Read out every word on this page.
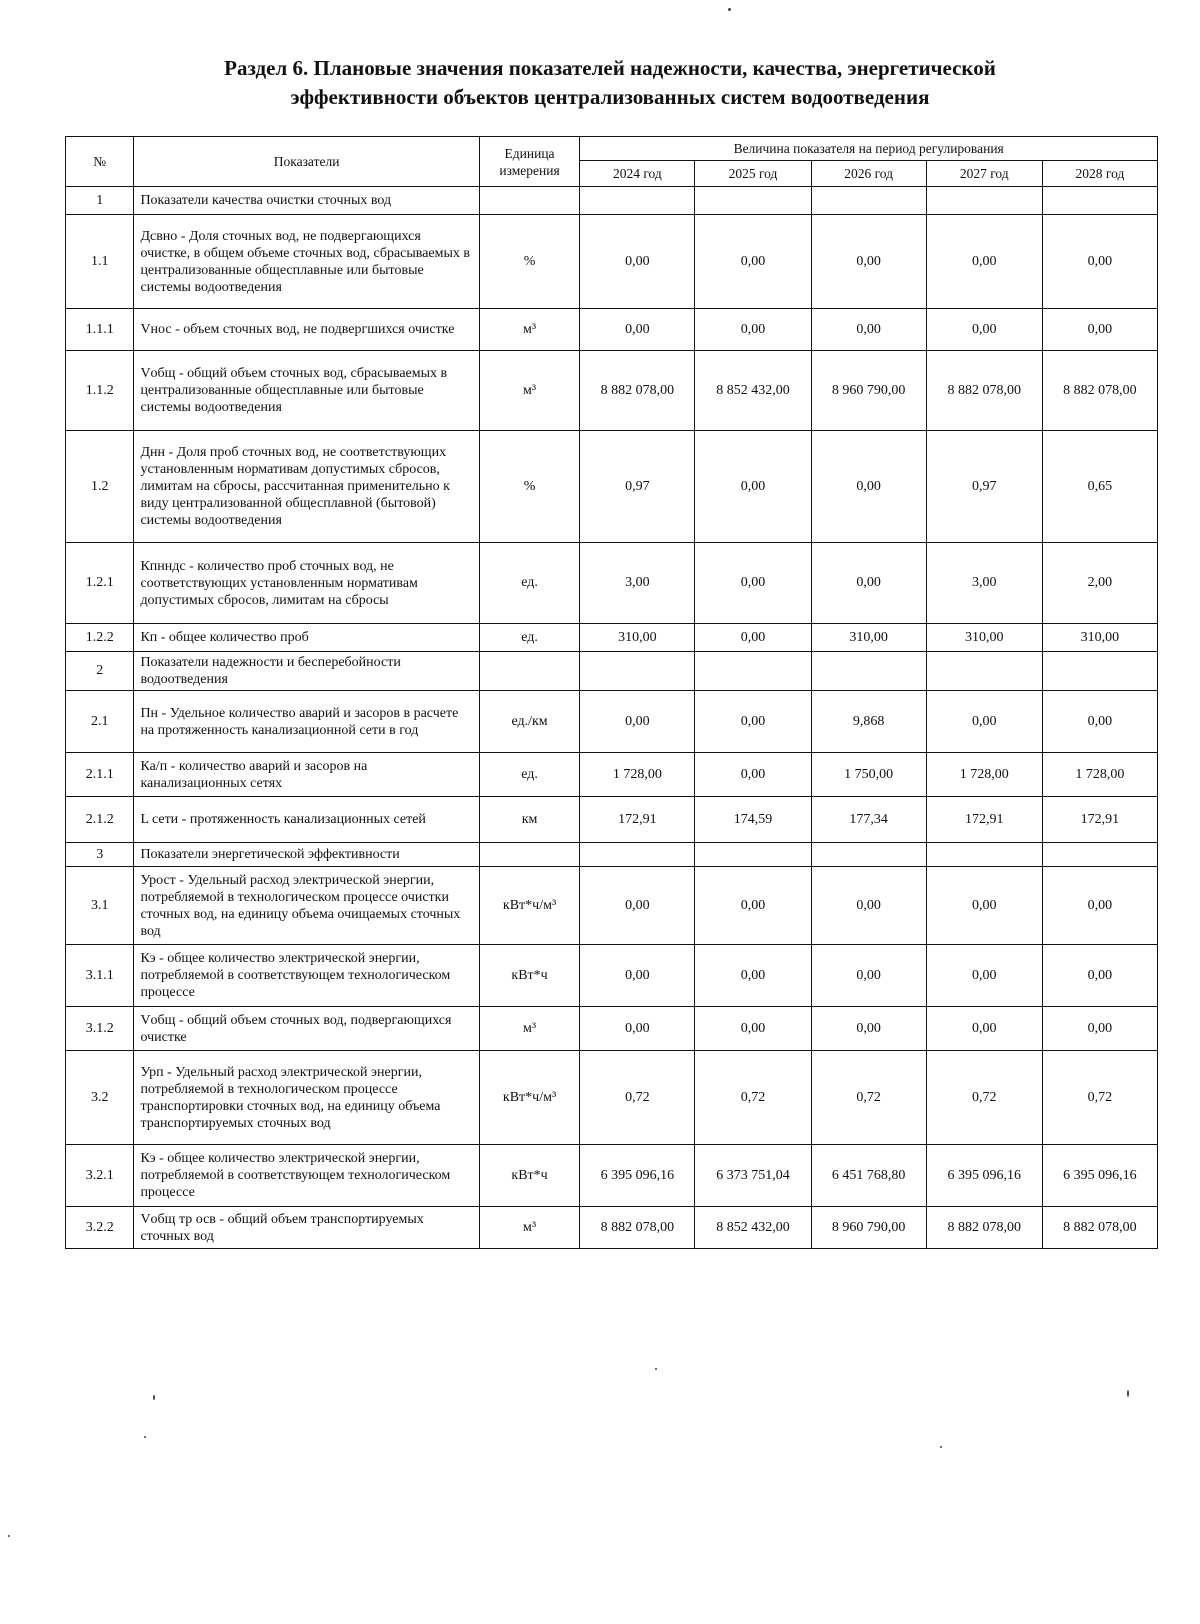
Раздел 6. Плановые значения показателей надежности, качества, энергетической
эффективности объектов централизованных систем водоотведения
№	Показатели	Единица измерения	Величина показателя на период регулирования				
			2024 год	2025 год	2026 год	2027 год	2028 год
1	Показатели качества очистки сточных вод						
1.1	Дсвно - Доля сточных вод, не подвергающихся очистке, в общем объеме сточных вод, сбрасываемых в централизованные общесплавные или бытовые системы водоотведения	%	0,00	0,00	0,00	0,00	0,00
1.1.1	Vнос - объем сточных вод, не подвергшихся очистке	м³	0,00	0,00	0,00	0,00	0,00
1.1.2	Vобщ - общий объем сточных вод, сбрасываемых в централизованные общесплавные или бытовые системы водоотведения	м³	8 882 078,00	8 852 432,00	8 960 790,00	8 882 078,00	8 882 078,00
1.2	Днн - Доля проб сточных вод, не соответствующих установленным нормативам допустимых сбросов, лимитам на сбросы, рассчитанная применительно к виду централизованной общесплавной (бытовой) системы водоотведения	%	0,97	0,00	0,00	0,97	0,65
1.2.1	Кпнндс - количество проб сточных вод, не соответствующих установленным нормативам допустимых сбросов, лимитам на сбросы	ед.	3,00	0,00	0,00	3,00	2,00
1.2.2	Кп - общее количество проб	ед.	310,00	0,00	310,00	310,00	310,00
2	Показатели надежности и бесперебойности водоотведения						
2.1	Пн - Удельное количество аварий и засоров в расчете на протяженность канализационной сети в год	ед./км	0,00	0,00	9,868	0,00	0,00
2.1.1	Ка/п - количество аварий и засоров на канализационных сетях	ед.	1 728,00	0,00	1 750,00	1 728,00	1 728,00
2.1.2	L сети - протяженность канализационных сетей	км	172,91	174,59	177,34	172,91	172,91
3	Показатели энергетической эффективности						
3.1	Урост - Удельный расход электрической энергии, потребляемой в технологическом процессе очистки сточных вод, на единицу объема очищаемых сточных вод	кВт*ч/м³	0,00	0,00	0,00	0,00	0,00
3.1.1	Кэ - общее количество электрической энергии, потребляемой в соответствующем технологическом процессе	кВт*ч	0,00	0,00	0,00	0,00	0,00
3.1.2	Vобщ - общий объем сточных вод, подвергающихся очистке	м³	0,00	0,00	0,00	0,00	0,00
3.2	Урп - Удельный расход электрической энергии, потребляемой в технологическом процессе транспортировки сточных вод, на единицу объема транспортируемых сточных вод	кВт*ч/м³	0,72	0,72	0,72	0,72	0,72
3.2.1	Кэ - общее количество электрической энергии, потребляемой в соответствующем технологическом процессе	кВт*ч	6 395 096,16	6 373 751,04	6 451 768,80	6 395 096,16	6 395 096,16
3.2.2	Vобщ тр осв - общий объем транспортируемых сточных вод	м³	8 882 078,00	8 852 432,00	8 960 790,00	8 882 078,00	8 882 078,00
